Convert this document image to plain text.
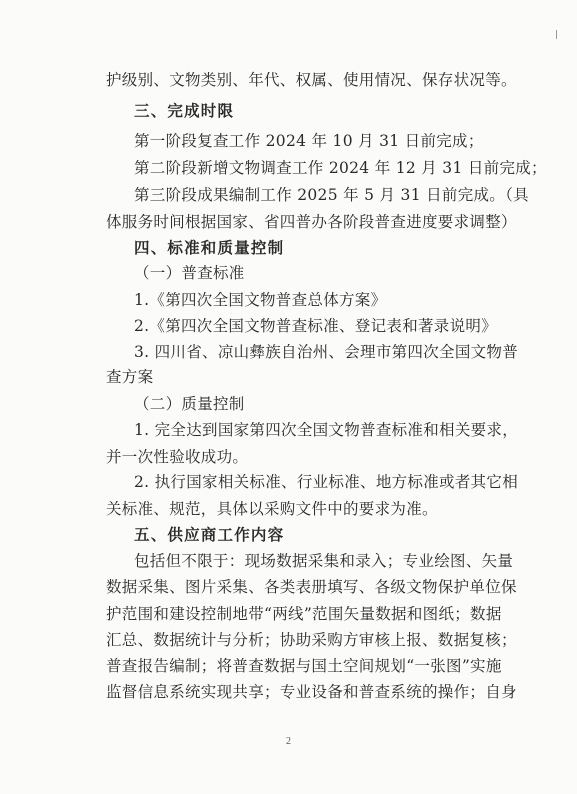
护级别、文物类别、年代、权属、使用情况、保存状况等。
三、完成时限
第一阶段复查工作 2024 年 10 月 31 日前完成；
第二阶段新增文物调查工作 2024 年 12 月 31 日前完成；
第三阶段成果编制工作 2025 年 5 月 31 日前完成。（具
体服务时间根据国家、省四普办各阶段普查进度要求调整）
四、标准和质量控制
（一）普查标准
1.《第四次全国文物普查总体方案》
2.《第四次全国文物普查标准、登记表和著录说明》
3. 四川省、凉山彝族自治州、会理市第四次全国文物普
查方案
（二）质量控制
1. 完全达到国家第四次全国文物普查标准和相关要求，
并一次性验收成功。
2. 执行国家相关标准、行业标准、地方标准或者其它相
关标准、规范，具体以采购文件中的要求为准。
五、供应商工作内容
包括但不限于：现场数据采集和录入；专业绘图、矢量
数据采集、图片采集、各类表册填写、各级文物保护单位保
护范围和建设控制地带“两线”范围矢量数据和图纸；数据
汇总、数据统计与分析；协助采购方审核上报、数据复核；
普查报告编制；将普查数据与国土空间规划“一张图”实施
监督信息系统实现共享；专业设备和普查系统的操作；自身
2
